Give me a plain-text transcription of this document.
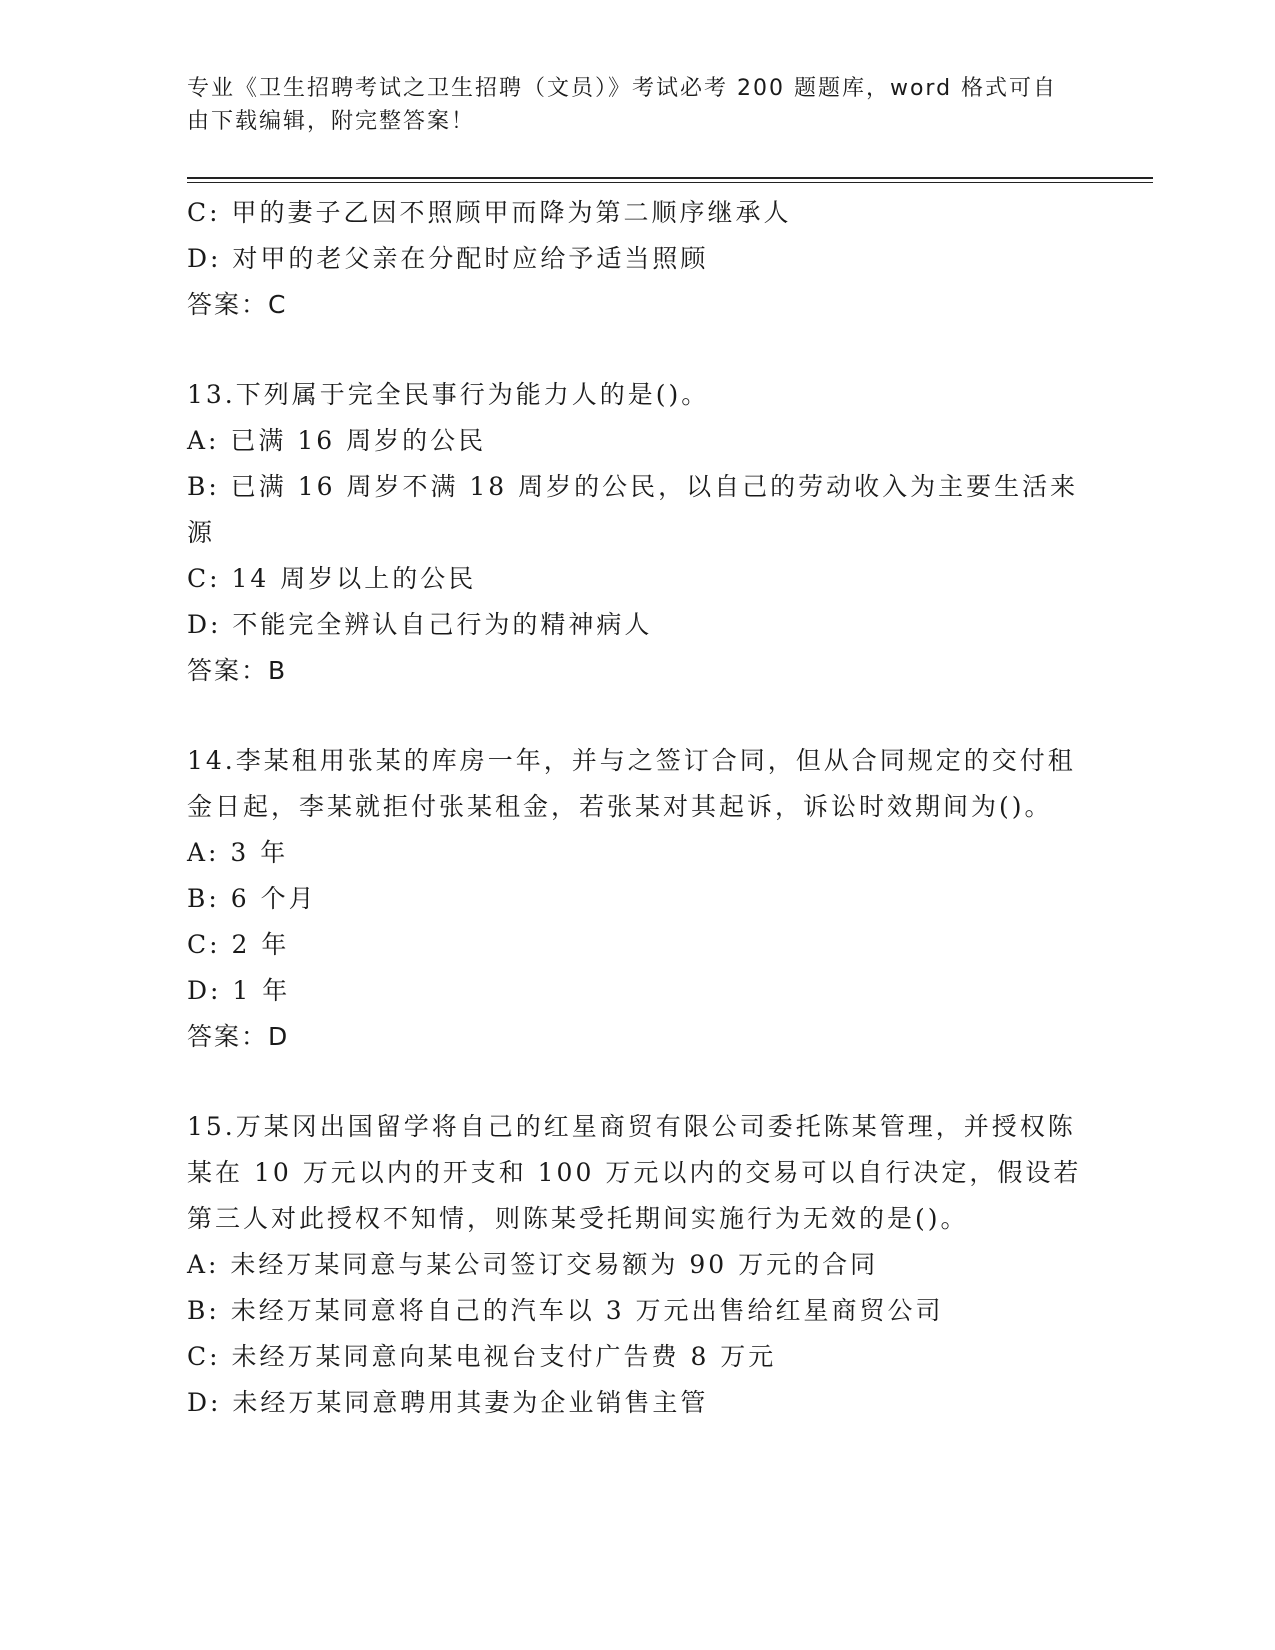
专业《卫生招聘考试之卫生招聘（文员）》考试必考 200 题题库，word 格式可自由下载编辑，附完整答案！
C: 甲的妻子乙因不照顾甲而降为第二顺序继承人
D: 对甲的老父亲在分配时应给予适当照顾
答案：C
13.下列属于完全民事行为能力人的是()。
A: 已满 16 周岁的公民
B: 已满 16 周岁不满 18 周岁的公民，以自己的劳动收入为主要生活来源
C: 14 周岁以上的公民
D: 不能完全辨认自己行为的精神病人
答案：B
14.李某租用张某的库房一年，并与之签订合同，但从合同规定的交付租金日起，李某就拒付张某租金，若张某对其起诉，诉讼时效期间为()。
A: 3 年
B: 6 个月
C: 2 年
D: 1 年
答案：D
15.万某冈出国留学将自己的红星商贸有限公司委托陈某管理，并授权陈某在 10 万元以内的开支和 100 万元以内的交易可以自行决定，假设若第三人对此授权不知情，则陈某受托期间实施行为无效的是()。
A: 未经万某同意与某公司签订交易额为 90 万元的合同
B: 未经万某同意将自己的汽车以 3 万元出售给红星商贸公司
C: 未经万某同意向某电视台支付广告费 8 万元
D: 未经万某同意聘用其妻为企业销售主管
